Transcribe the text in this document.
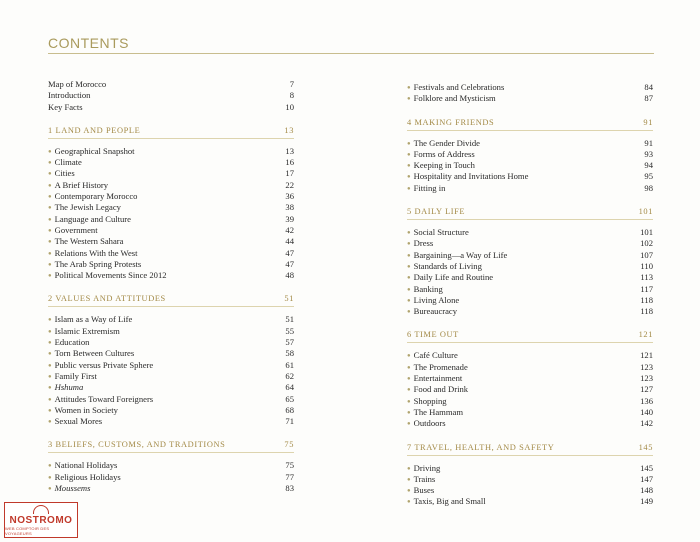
CONTENTS
Map of Morocco	7
Introduction	8
Key Facts	10
1 LAND AND PEOPLE	13
● Geographical Snapshot	13
● Climate	16
● Cities	17
● A Brief History	22
● Contemporary Morocco	36
● The Jewish Legacy	38
● Language and Culture	39
● Government	42
● The Western Sahara	44
● Relations With the West	47
● The Arab Spring Protests	47
● Political Movements Since 2012	48
2 VALUES AND ATTITUDES	51
● Islam as a Way of Life	51
● Islamic Extremism	55
● Education	57
● Torn Between Cultures	58
● Public versus Private Sphere	61
● Family First	62
● Hshuma	64
● Attitudes Toward Foreigners	65
● Women in Society	68
● Sexual Mores	71
3 BELIEFS, CUSTOMS, AND TRADITIONS	75
● National Holidays	75
● Religious Holidays	77
● Moussems	83
● Festivals and Celebrations	84
● Folklore and Mysticism	87
4 MAKING FRIENDS	91
● The Gender Divide	91
● Forms of Address	93
● Keeping in Touch	94
● Hospitality and Invitations Home	95
● Fitting in	98
5 DAILY LIFE	101
● Social Structure	101
● Dress	102
● Bargaining—a Way of Life	107
● Standards of Living	110
● Daily Life and Routine	113
● Banking	117
● Living Alone	118
● Bureaucracy	118
6 TIME OUT	121
● Café Culture	121
● The Promenade	123
● Entertainment	123
● Food and Drink	127
● Shopping	136
● The Hammam	140
● Outdoors	142
7 TRAVEL, HEALTH, AND SAFETY	145
● Driving	145
● Trains	147
● Buses	148
● Taxis, Big and Small	149
NOSTROMO
WEB COMPTOIR DES VOYAGEURS
